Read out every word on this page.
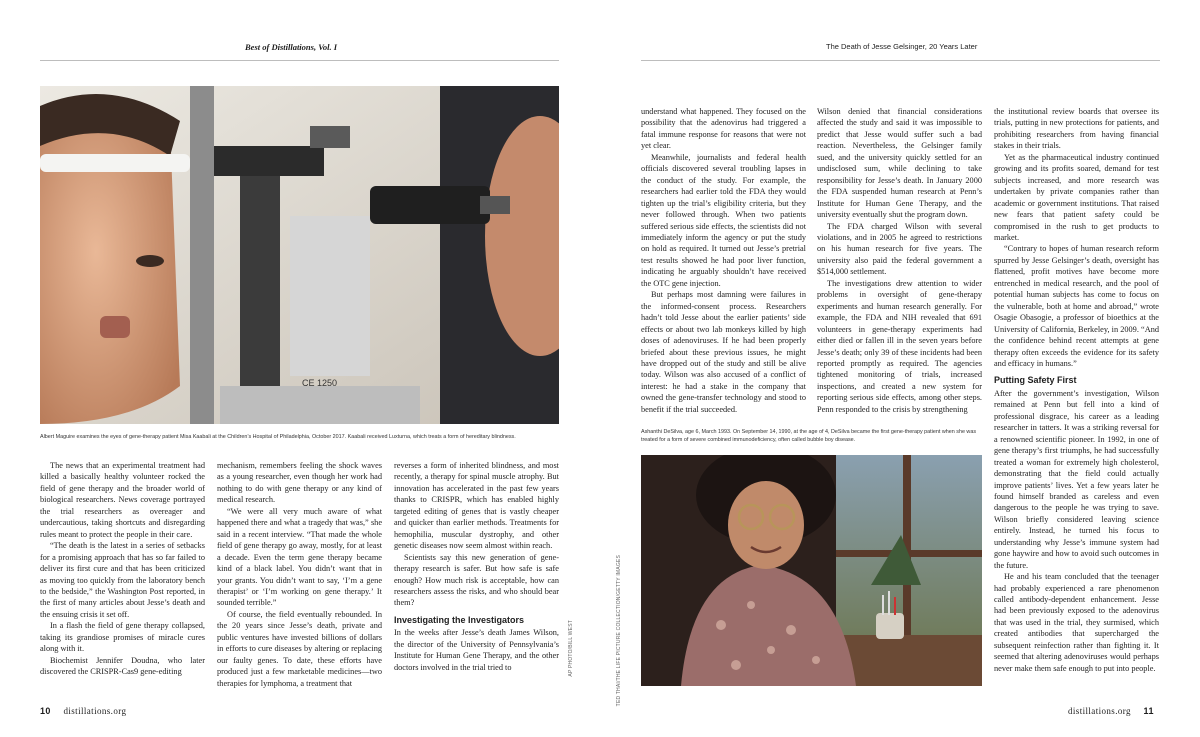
Best of Distillations, Vol. I	The Death of Jesse Gelsinger, 20 Years Later
CE 1250
Albert Maguire examines the eyes of gene-therapy patient Misa Kaabali at the Children’s Hospital of Philadelphia, October 2017. Kaabali received Luxturna, which treats a form of hereditary blindness.

The news that an experimental treatment had killed a basically healthy volunteer rocked the field of gene therapy and the broader world of biological researchers. News coverage portrayed the trial researchers as overeager and undercautious, taking shortcuts and disregarding rules meant to protect the people in their care.

“The death is the latest in a series of setbacks for a promising approach that has so far failed to deliver its first cure and that has been criticized as moving too quickly from the laboratory bench to the bedside,” the Washington Post reported, in the first of many articles about Jesse’s death and the ensuing crisis it set off.

In a flash the field of gene therapy collapsed, taking its grandiose promises of miracle cures along with it.

Biochemist Jennifer Doudna, who later discovered the CRISPR-Cas9 gene-editing

mechanism, remembers feeling the shock waves as a young researcher, even though her work had nothing to do with gene therapy or any kind of medical research.

“We were all very much aware of what happened there and what a tragedy that was,” she said in a recent interview. “That made the whole field of gene therapy go away, mostly, for at least a decade. Even the term gene therapy became kind of a black label. You didn’t want that in your grants. You didn’t want to say, ‘I’m a gene therapist’ or ‘I’m working on gene therapy.’ It sounded terrible.”

Of course, the field eventually rebounded. In the 20 years since Jesse’s death, private and public ventures have invested billions of dollars in efforts to cure diseases by altering or replacing our faulty genes. To date, these efforts have produced just a few marketable medicines—two therapies for lymphoma, a treatment that

reverses a form of inherited blindness, and most recently, a therapy for spinal muscle atrophy. But innovation has accelerated in the past few years thanks to CRISPR, which has enabled highly targeted editing of genes that is vastly cheaper and quicker than earlier methods. Treatments for hemophilia, muscular dystrophy, and other genetic diseases now seem almost within reach.

Scientists say this new generation of gene-therapy research is safer. But how safe is safe enough? How much risk is acceptable, how can researchers assess the risks, and who should bear them?

Investigating the Investigators

In the weeks after Jesse’s death James Wilson, the director of the University of Pennsylvania’s Institute for Human Gene Therapy, and the other doctors involved in the trial tried to	AP PHOTO/BILL WEST	TED THAI/THE LIFE PICTURE COLLECTION/GETTY IMAGES

understand what happened. They focused on the possibility that the adenovirus had triggered a fatal immune response for reasons that were not yet clear.

Meanwhile, journalists and federal health officials discovered several troubling lapses in the conduct of the study. For example, the researchers had earlier told the FDA they would tighten up the trial’s eligibility criteria, but they never followed through. When two patients suffered serious side effects, the scientists did not immediately inform the agency or put the study on hold as required. It turned out Jesse’s pretrial test results showed he had poor liver function, indicating he arguably shouldn’t have received the OTC gene injection.

But perhaps most damning were failures in the informed-consent process. Researchers hadn’t told Jesse about the earlier patients’ side effects or about two lab monkeys killed by high doses of adenoviruses. If he had been properly briefed about these previous issues, he might have dropped out of the study and still be alive today. Wilson was also accused of a conflict of interest: he had a stake in the company that owned the gene-transfer technology and stood to benefit if the trial succeeded.

Wilson denied that financial considerations affected the study and said it was impossible to predict that Jesse would suffer such a bad reaction. Nevertheless, the Gelsinger family sued, and the university quickly settled for an undisclosed sum, while declining to take responsibility for Jesse’s death. In January 2000 the FDA suspended human research at Penn’s Institute for Human Gene Therapy, and the university eventually shut the program down.

The FDA charged Wilson with several violations, and in 2005 he agreed to restrictions on his human research for five years. The university also paid the federal government a $514,000 settlement.

The investigations drew attention to wider problems in oversight of gene-therapy experiments and human research generally. For example, the FDA and NIH revealed that 691 volunteers in gene-therapy experiments had either died or fallen ill in the seven years before Jesse’s death; only 39 of these incidents had been reported promptly as required. The agencies tightened monitoring of trials, increased inspections, and created a new system for reporting serious side effects, among other steps. Penn responded to the crisis by strengthening

the institutional review boards that oversee its trials, putting in new protections for patients, and prohibiting researchers from having financial stakes in their trials.

Yet as the pharmaceutical industry continued growing and its profits soared, demand for test subjects increased, and more research was undertaken by private companies rather than academic or government institutions. That raised new fears that patient safety could be compromised in the rush to get products to market.

“Contrary to hopes of human research reform spurred by Jesse Gelsinger’s death, oversight has flattened, profit motives have become more entrenched in medical research, and the pool of potential human subjects has come to focus on the vulnerable, both at home and abroad,” wrote Osagie Obasogie, a professor of bioethics at the University of California, Berkeley, in 2009. “And the confidence behind recent attempts at gene therapy often exceeds the evidence for its safety and efficacy in humans.”

Putting Safety First

After the government’s investigation, Wilson remained at Penn but fell into a kind of professional disgrace, his career as a leading researcher in tatters. It was a striking reversal for a renowned scientific pioneer. In 1992, in one of gene therapy’s first triumphs, he had successfully treated a woman for extremely high cholesterol, demonstrating that the field could actually improve patients’ lives. Yet a few years later he found himself branded as careless and even dangerous to the people he was trying to save. Wilson briefly considered leaving science entirely. Instead, he turned his focus to understanding why Jesse’s immune system had gone haywire and how to avoid such outcomes in the future.

He and his team concluded that the teenager had probably experienced a rare phenomenon called antibody-dependent enhancement. Jesse had been previously exposed to the adenovirus that was used in the trial, they surmised, which created antibodies that supercharged the subsequent reinfection rather than fighting it. It seemed that altering adenoviruses would perhaps never make them safe enough to put into people.

Ashanthi DeSilva, age 6, March 1993. On September 14, 1990, at the age of 4, DeSilva became the first gene-therapy patient when she was treated for a form of severe combined immunodeficiency, often called bubble boy disease.
10 distillations.org	distillations.org 11
